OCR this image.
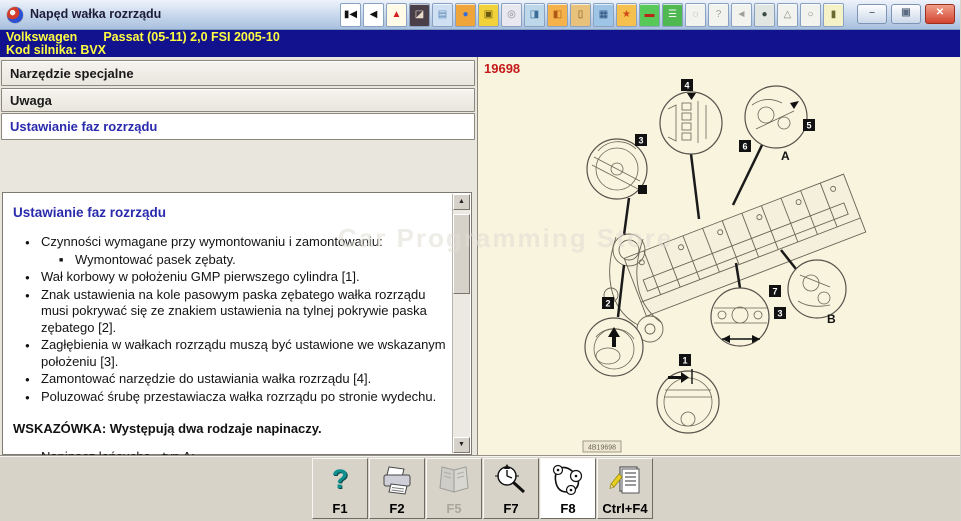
Napęd wałka rozrządu	▮◀	◀	▲	◪	▤	●	▣	◎	◨	◧	▯	▦	★	▬	☰	◌	?	◄	●	△	○	▮	–	▣	✕
Volkswagen Passat (05-11) 2,0 FSI 2005-10
Kod silnika: BVX
Narzędzie specjalne
Uwaga
Ustawianie faz rozrządu
Ustawianie faz rozrządu
● Czynności wymagane przy wymontowaniu i zamontowaniu:
■ Wymontować pasek zębaty.
● Wał korbowy w położeniu GMP pierwszego cylindra [1].
● Znak ustawienia na kole pasowym paska zębatego wałka rozrządu musi pokrywać się ze znakiem ustawienia na tylnej pokrywie paska zębatego [2].
● Zagłębienia w wałkach rozrządu muszą być ustawione we wskazanym położeniu [3].
● Zamontować narzędzie do ustawiania wałka rozrządu [4].
● Poluzować śrubę przestawiacza wałka rozrządu po stronie wydechu.
WSKAZÓWKA: Występują dwa rodzaje napinaczy.
●
▲
▼
19698
3
4
6
5
A
7
B
3
2
1
4B19698
Car Programming Store
?
F1	F2	F5	F7	F8 Ctrl+F4
